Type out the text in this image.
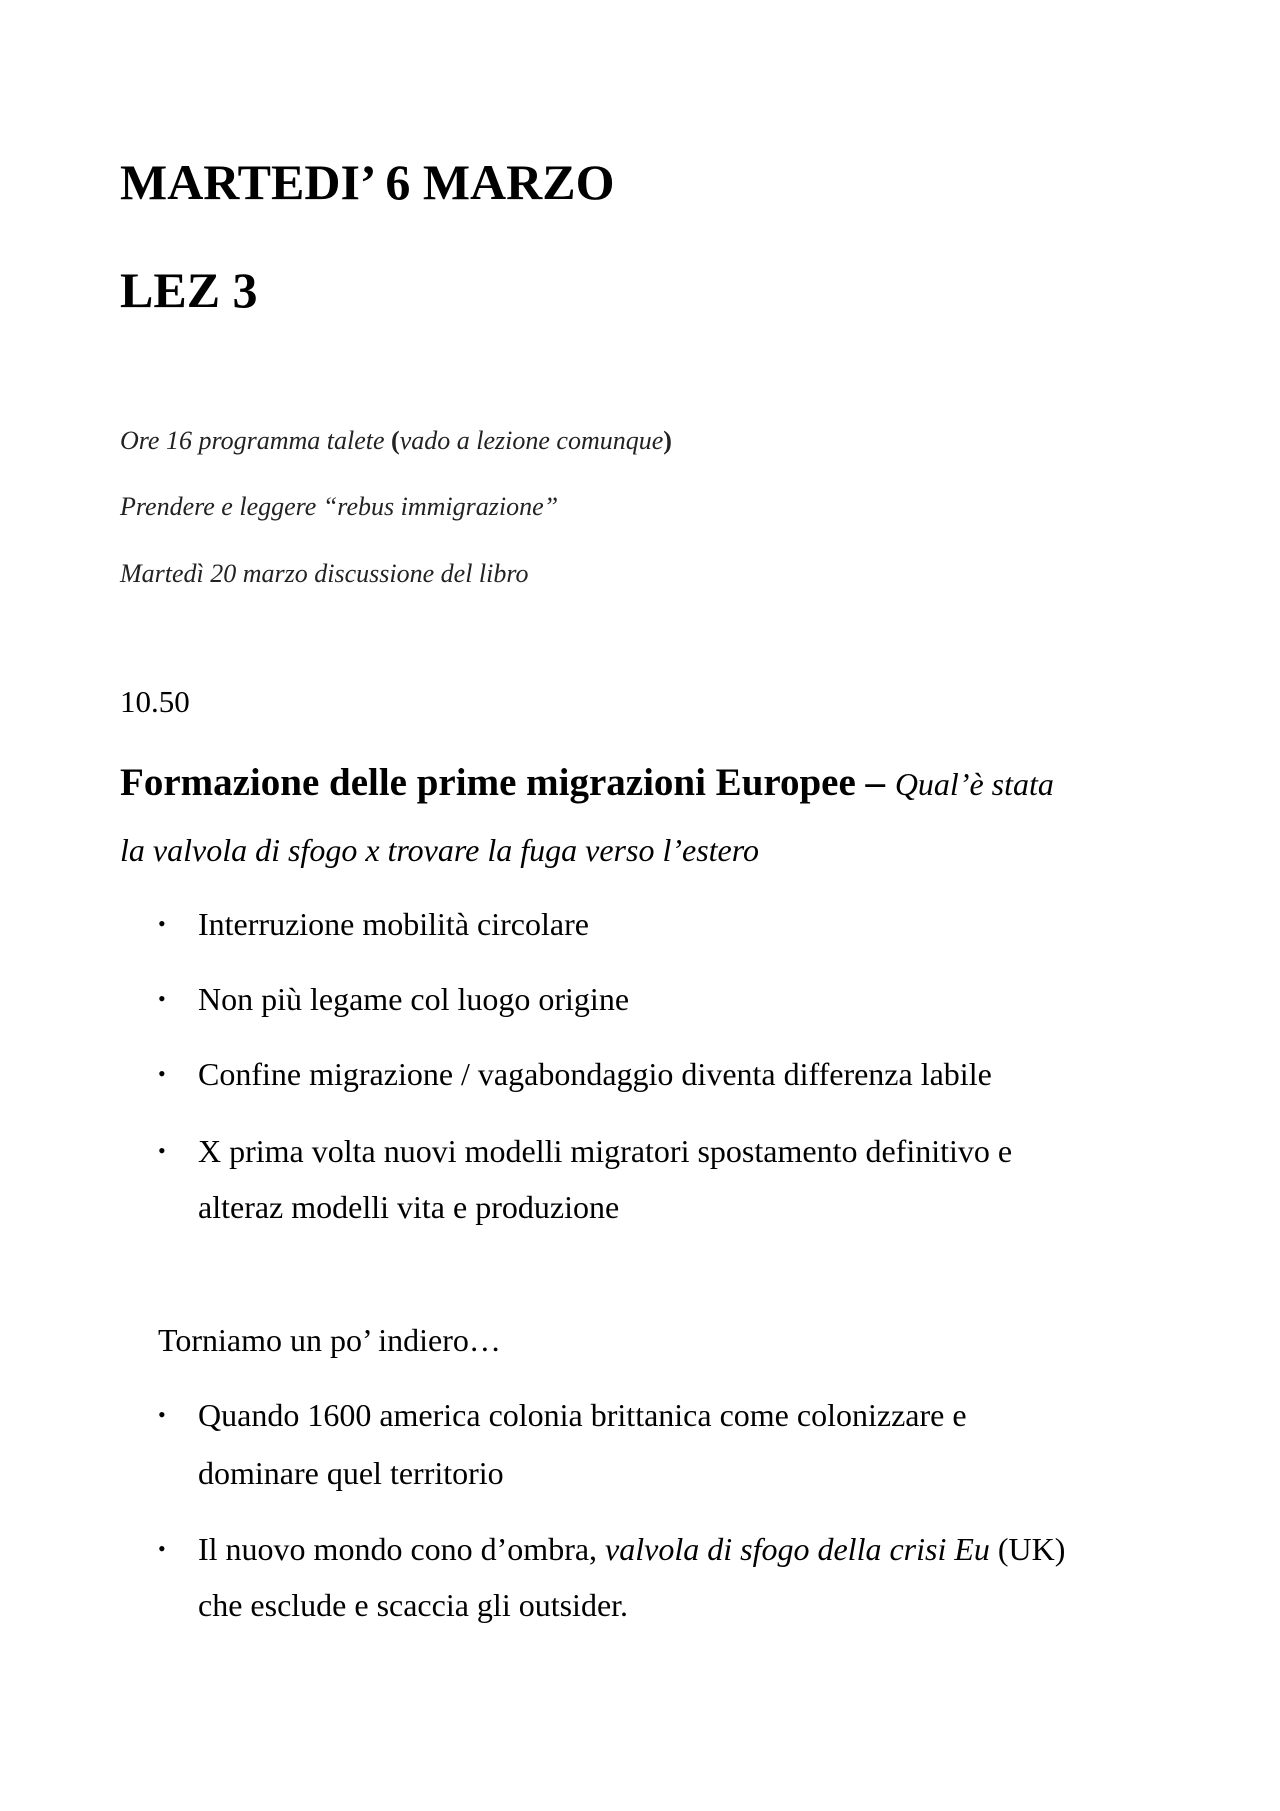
MARTEDI’ 6 MARZO
LEZ 3

Ore 16 programma talete (vado a lezione comunque)

Prendere e leggere “rebus immigrazione”

Martedì 20 marzo discussione del libro

10.50

Formazione delle prime migrazioni Europee – Qual’è stata

la valvola di sfogo x trovare la fuga verso l’estero

• Interruzione mobilità circolare
• Non più legame col luogo origine
• Confine migrazione / vagabondaggio diventa differenza labile
• X prima volta nuovi modelli migratori spostamento definitivo e
alteraz modelli vita e produzione

Torniamo un po’ indiero…

• Quando 1600 america colonia brittanica come colonizzare e
dominare quel territorio
• Il nuovo mondo cono d’ombra, valvola di sfogo della crisi Eu (UK)
che esclude e scaccia gli outsider.
